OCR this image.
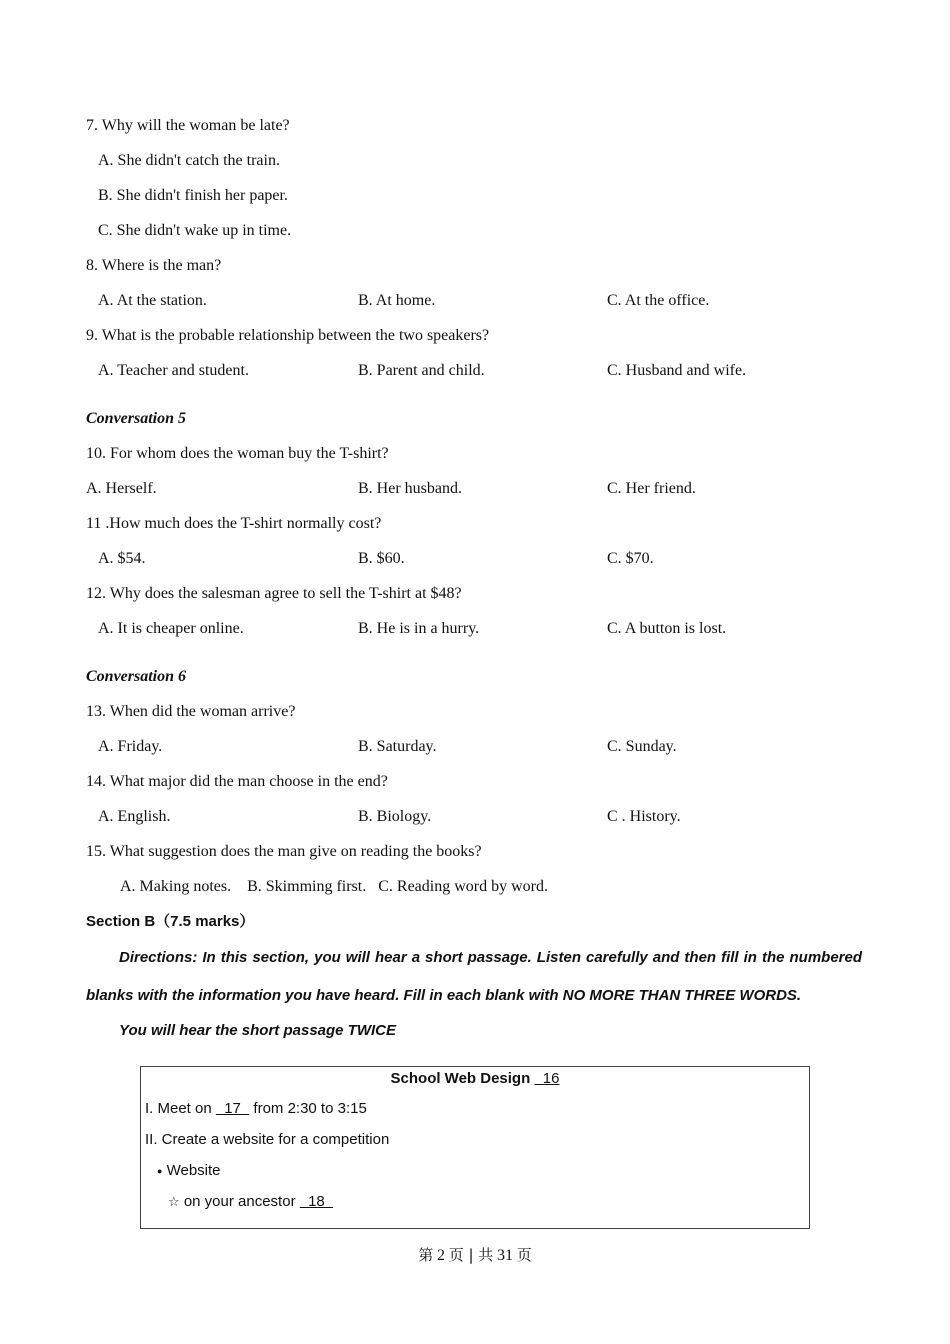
7. Why will the woman be late?
A. She didn't catch the train.
B. She didn't finish her paper.
C. She didn't wake up in time.
8. Where is the man?
A. At the station.	B. At home.	C. At the office.
9. What is the probable relationship between the two speakers?
A. Teacher and student.	B. Parent and child.	C. Husband and wife.
Conversation 5
10. For whom does the woman buy the T-shirt?
A. Herself.	B. Her husband.	C. Her friend.
11 .How much does the T-shirt normally cost?
A. $54.	B. $60.	C. $70.
12. Why does the salesman agree to sell the T-shirt at $48?
A. It is cheaper online.	B. He is in a hurry.	C. A button is lost.
Conversation 6
13. When did the woman arrive?
A. Friday.	B. Saturday.	C. Sunday.
14. What major did the man choose in the end?
A. English.	B. Biology.	C . History.
15. What suggestion does the man give on reading the books?
A. Making notes.    B. Skimming first.   C. Reading word by word.
Section B（7.5 marks）
Directions: In this section, you will hear a short passage. Listen carefully and then fill in the numbered
blanks with the information you have heard. Fill in each blank with NO MORE THAN THREE WORDS.
You will hear the short passage TWICE
School Web Design   16
I. Meet on   17   from 2:30 to 3:15
II. Create a website for a competition
● Website
☆ on your ancestor   18
第 2 页 | 共 31 页
